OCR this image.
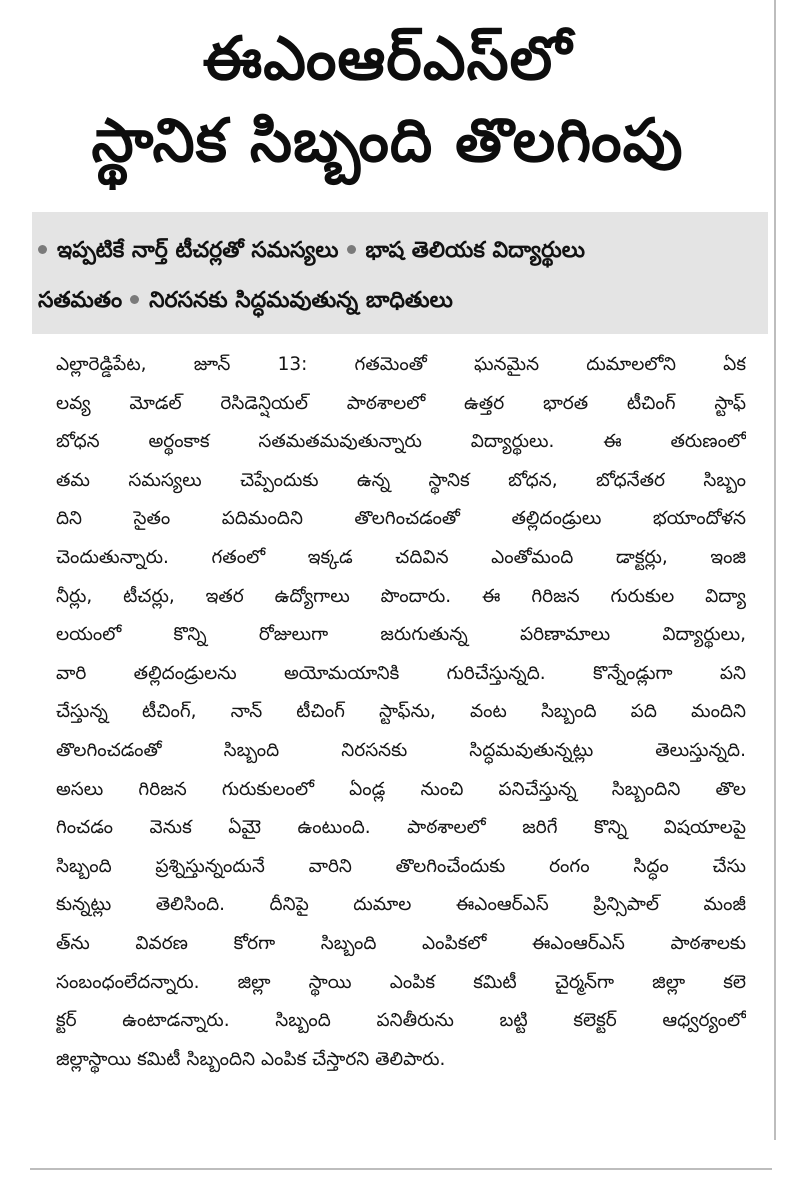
ఈఎంఆర్ఎస్‌లో
స్థానిక సిబ్బంది తొలగింపు
ఇప్పటికే నార్త్ టీచర్లతో సమస్యలు భాష తెలియక విద్యార్థులు
సతమతం నిరసనకు సిద్ధమవుతున్న బాధితులు
ఎల్లారెడ్డిపేట, జూన్ 13: గతమెంతో ఘనమైన దుమాలలోని ఏక
లవ్య మోడల్ రెసిడెన్షియల్ పాఠశాలలో ఉత్తర భారత టీచింగ్ స్టాఫ్
బోధన అర్థంకాక సతమతమవుతున్నారు విద్యార్థులు. ఈ తరుణంలో
తమ సమస్యలు చెప్పేందుకు ఉన్న స్థానిక బోధన, బోధనేతర సిబ్బం
దిని సైతం పదిమందిని తొలగించడంతో తల్లిదండ్రులు భయాందోళన
చెందుతున్నారు. గతంలో ఇక్కడ చదివిన ఎంతోమంది డాక్టర్లు, ఇంజి
నీర్లు, టీచర్లు, ఇతర ఉద్యోగాలు పొందారు. ఈ గిరిజన గురుకుల విద్యా
లయంలో కొన్ని రోజులుగా జరుగుతున్న పరిణామాలు విద్యార్థులు,
వారి తల్లిదండ్రులను అయోమయానికి గురిచేస్తున్నది. కొన్నేండ్లుగా పని
చేస్తున్న టీచింగ్, నాన్ టీచింగ్ స్టాఫ్‌ను, వంట సిబ్బంది పది మందిని
తొలగించడంతో సిబ్బంది నిరసనకు సిద్ధమవుతున్నట్లు తెలుస్తున్నది.
అసలు గిరిజన గురుకులంలో ఏండ్ల నుంచి పనిచేస్తున్న సిబ్బందిని తొల
గించడం వెనుక ఏమైె ఉంటుంది. పాఠశాలలో జరిగే కొన్ని విషయాలపై
సిబ్బంది ప్రశ్నిస్తున్నందునే వారిని తొలగించేందుకు రంగం సిద్ధం చేసు
కున్నట్లు తెలిసింది. దీనిపై దుమాల ఈఎంఆర్ఎస్ ప్రిన్సిపాల్ మంజీ
త్‌ను వివరణ కోరగా సిబ్బంది ఎంపికలో ఈఎంఆర్ఎస్ పాఠశాలకు
సంబంధంలేదన్నారు. జిల్లా స్థాయి ఎంపిక కమిటీ చైర్మన్‌గా జిల్లా కలె
క్టర్ ఉంటాడన్నారు. సిబ్బంది పనితీరును బట్టి కలెక్టర్ ఆధ్వర్యంలో
జిల్లాస్థాయి కమిటీ సిబ్బందిని ఎంపిక చేస్తారని తెలిపారు.
